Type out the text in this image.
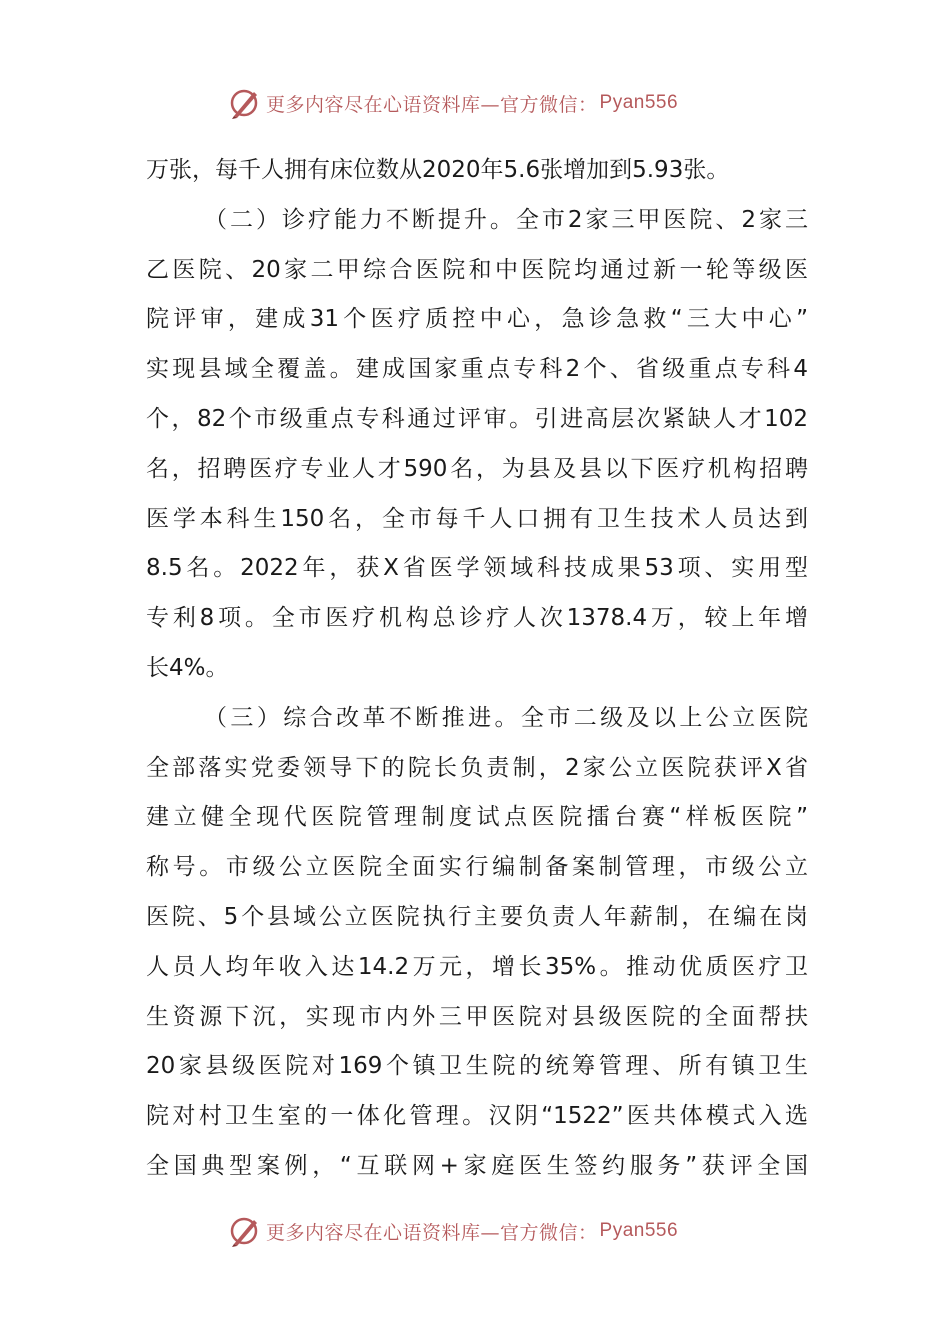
更多内容尽在心语资料库—官方微信： Pyan556
万张，每千人拥有床位数从2020年5.6张增加到5.93张。
（二）诊疗能力不断提升。全市2家三甲医院、2家三
乙医院、20家二甲综合医院和中医院均通过新一轮等级医
院评审，建成31个医疗质控中心，急诊急救“三大中心”
实现县域全覆盖。建成国家重点专科2个、省级重点专科4
个，82个市级重点专科通过评审。引进高层次紧缺人才102
名，招聘医疗专业人才590名，为县及县以下医疗机构招聘
医学本科生150名，全市每千人口拥有卫生技术人员达到
8.5名。2022年，获X省医学领域科技成果53项、实用型
专利8项。全市医疗机构总诊疗人次1378.4万，较上年增
长4%。
（三）综合改革不断推进。全市二级及以上公立医院
全部落实党委领导下的院长负责制，2家公立医院获评X省
建立健全现代医院管理制度试点医院擂台赛“样板医院”
称号。市级公立医院全面实行编制备案制管理，市级公立
医院、5个县域公立医院执行主要负责人年薪制，在编在岗
人员人均年收入达14.2万元，增长35%。推动优质医疗卫
生资源下沉，实现市内外三甲医院对县级医院的全面帮扶
20家县级医院对169个镇卫生院的统筹管理、所有镇卫生
院对村卫生室的一体化管理。汉阴“1522”医共体模式入选
全国典型案例，“互联网+家庭医生签约服务”获评全国
更多内容尽在心语资料库—官方微信： Pyan556
